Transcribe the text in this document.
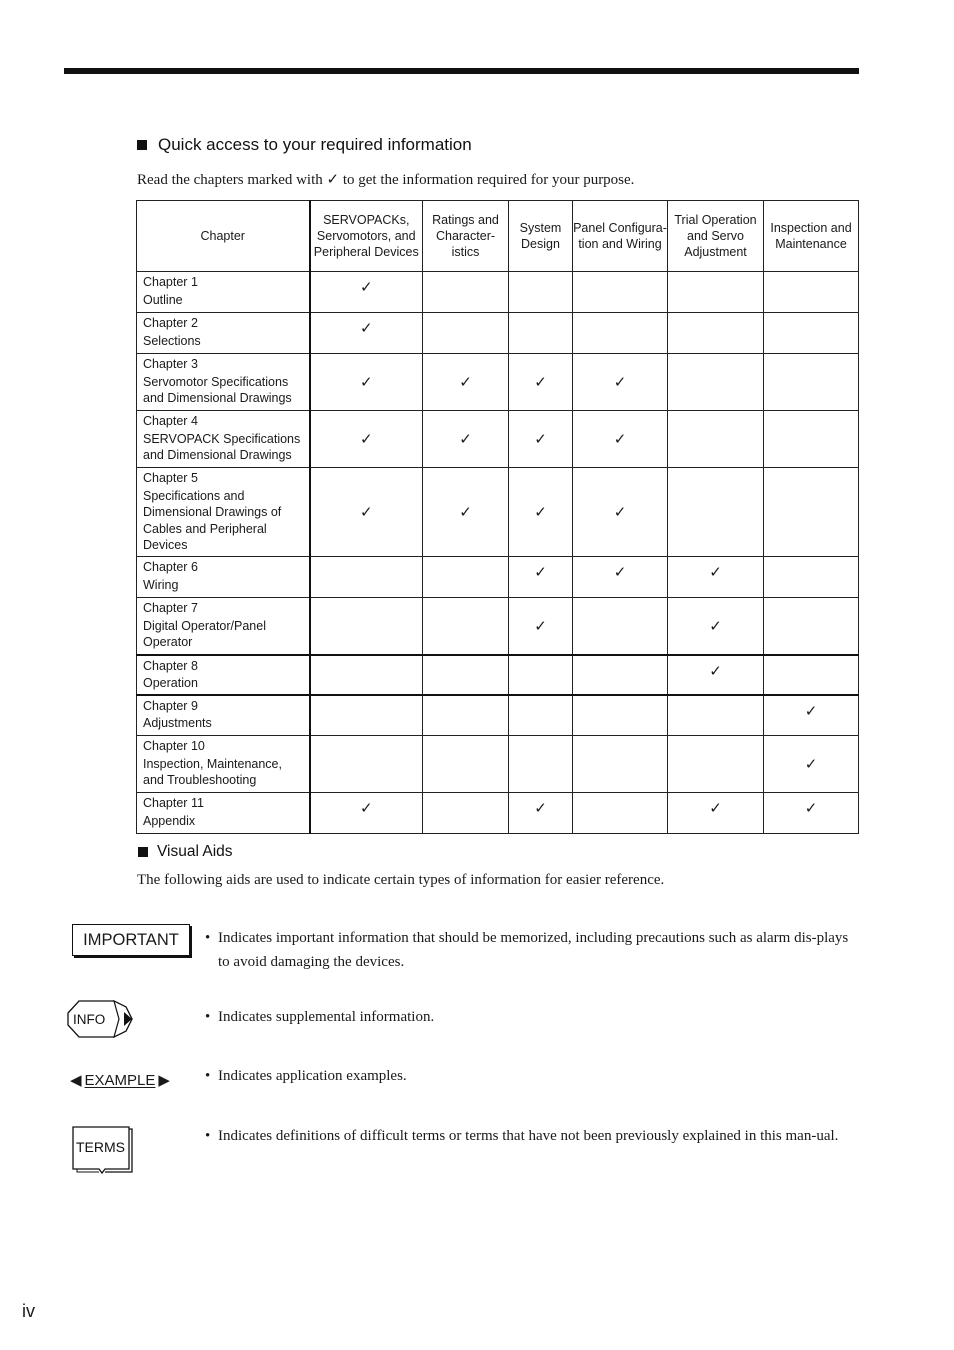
Quick access to your required information
Read the chapters marked with ✓ to get the information required for your purpose.
Chapter	SERVOPACKs, Servomotors, and Peripheral Devices	Ratings and Character-istics	System Design	Panel Configura-tion and Wiring	Trial Operation and Servo Adjustment	Inspection and Maintenance

Chapter 1
Outline	✓					

Chapter 2
Selections	✓					

Chapter 3
Servomotor Specifications and Dimensional Drawings	✓	✓	✓	✓		

Chapter 4
SERVOPACK Specifications and Dimensional Drawings	✓	✓	✓	✓		

Chapter 5
Specifications and Dimensional Drawings of Cables and Peripheral Devices	✓	✓	✓	✓		

Chapter 6
Wiring			✓	✓	✓	

Chapter 7
Digital Operator/Panel Operator			✓		✓	

Chapter 8
Operation					✓	

Chapter 9
Adjustments						✓

Chapter 10
Inspection, Maintenance, and Troubleshooting						✓

Chapter 11
Appendix	✓		✓		✓	✓
Visual Aids
The following aids are used to indicate certain types of information for easier reference.
IMPORTANT • Indicates important information that should be memorized, including precautions such as alarm dis-plays to avoid damaging the devices.
INFO	• Indicates supplemental information.
◀ EXAMPLE ▶ • Indicates application examples.
TERMS
• Indicates definitions of difficult terms or terms that have not been previously explained in this man-ual.
iv
